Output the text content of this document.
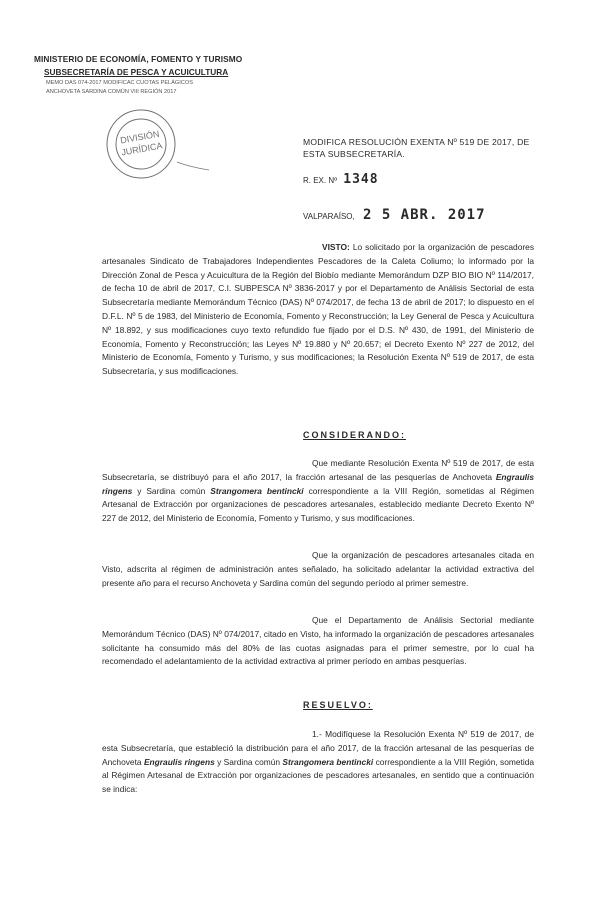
MINISTERIO DE ECONOMÍA, FOMENTO Y TURISMO
SUBSECRETARÍA DE PESCA Y ACUICULTURA
MEMO DAS 074-2017 MODIFICAC CUOTAS PELÁGICOS
ANCHOVETA SARDINA COMÚN VIII REGIÓN 2017
DIVISIÓN
JURÍDICA	MODIFICA RESOLUCIÓN EXENTA Nº 519 DE 2017, DE
ESTA SUBSECRETARÍA.
R. EX. Nº 1348
VALPARAÍSO, 2 5 ABR. 2017
VISTO: Lo solicitado por la organización de pescadores artesanales Sindicato de Trabajadores Independientes Pescadores de la Caleta Coliumo; lo informado por la Dirección Zonal de Pesca y Acuicultura de la Región del Biobío mediante Memorándum DZP BIO BIO Nº 114/2017, de fecha 10 de abril de 2017, C.I. SUBPESCA Nº 3836-2017 y por el Departamento de Análisis Sectorial de esta Subsecretaría mediante Memorándum Técnico (DAS) Nº 074/2017, de fecha 13 de abril de 2017; lo dispuesto en el D.F.L. Nº 5 de 1983, del Ministerio de Economía, Fomento y Reconstrucción; la Ley General de Pesca y Acuicultura Nº 18.892, y sus modificaciones cuyo texto refundido fue fijado por el D.S. Nº 430, de 1991, del Ministerio de Economía, Fomento y Reconstrucción; las Leyes Nº 19.880 y Nº 20.657; el Decreto Exento Nº 227 de 2012, del Ministerio de Economía, Fomento y Turismo, y sus modificaciones; la Resolución Exenta Nº 519 de 2017, de esta Subsecretaría, y sus modificaciones.
CONSIDERANDO:
Que mediante Resolución Exenta Nº 519 de 2017, de esta Subsecretaría, se distribuyó para el año 2017, la fracción artesanal de las pesquerías de Anchoveta Engraulis ringens y Sardina común Strangomera bentincki correspondiente a la VIII Región, sometidas al Régimen Artesanal de Extracción por organizaciones de pescadores artesanales, establecido mediante Decreto Exento Nº 227 de 2012, del Ministerio de Economía, Fomento y Turismo, y sus modificaciones.
Que la organización de pescadores artesanales citada en Visto, adscrita al régimen de administración antes señalado, ha solicitado adelantar la actividad extractiva del presente año para el recurso Anchoveta y Sardina común del segundo período al primer semestre.
Que el Departamento de Análisis Sectorial mediante Memorándum Técnico (DAS) Nº 074/2017, citado en Visto, ha informado la organización de pescadores artesanales solicitante ha consumido más del 80% de las cuotas asignadas para el primer semestre, por lo cual ha recomendado el adelantamiento de la actividad extractiva al primer período en ambas pesquerías.
RESUELVO:
1.- Modifíquese la Resolución Exenta Nº 519 de 2017, de esta Subsecretaría, que estableció la distribución para el año 2017, de la fracción artesanal de las pesquerías de Anchoveta Engraulis ringens y Sardina común Strangomera bentincki correspondiente a la VIII Región, sometida al Régimen Artesanal de Extracción por organizaciones de pescadores artesanales, en sentido que a continuación se indica:
